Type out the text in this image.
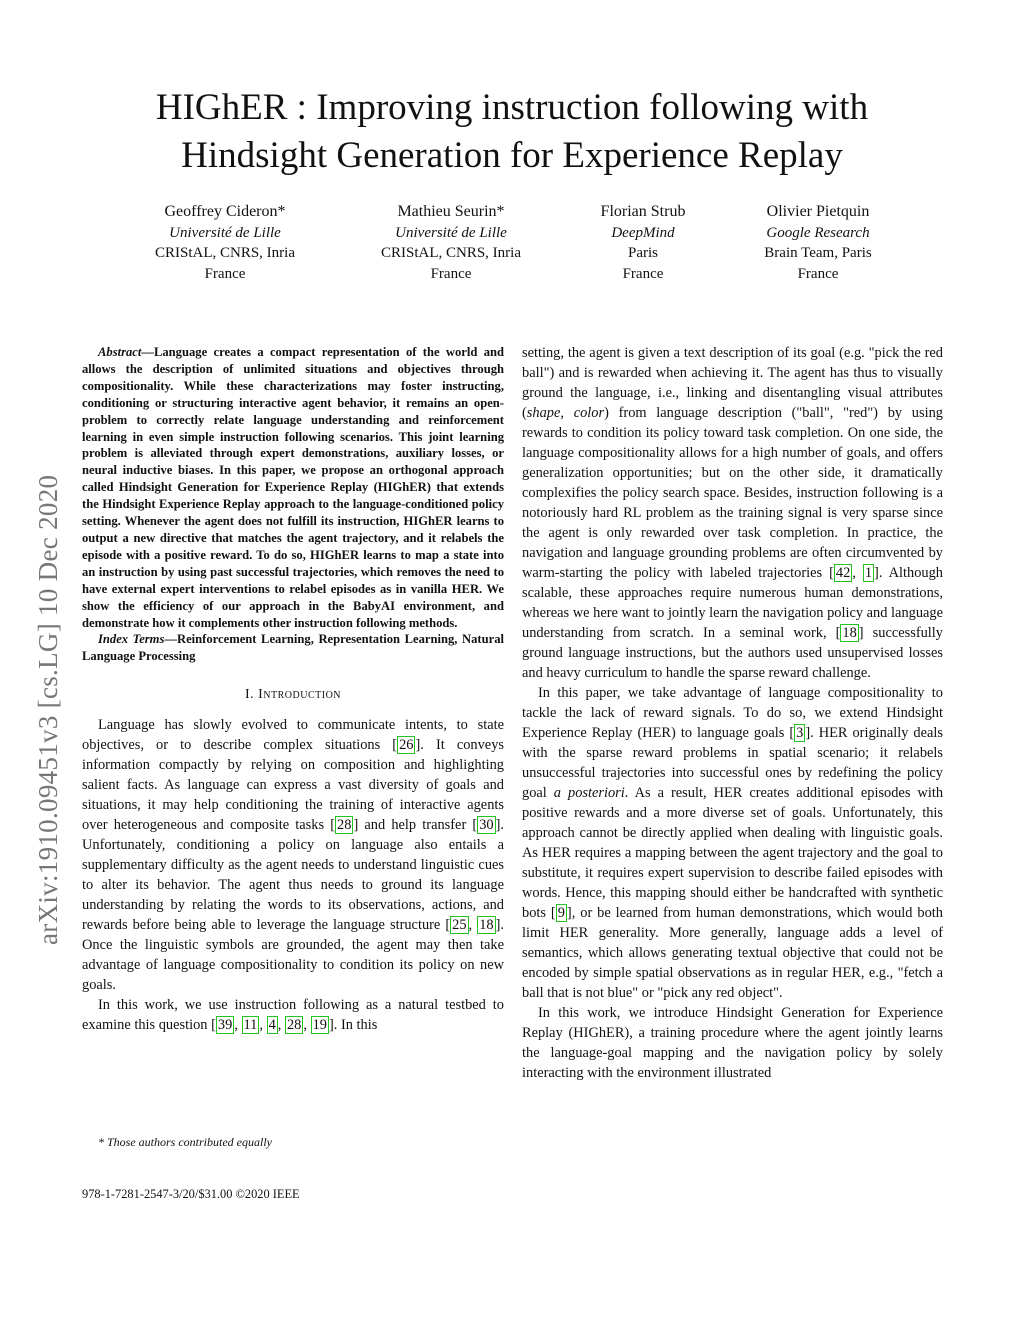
HIGhER : Improving instruction following with
Hindsight Generation for Experience Replay
Geoffrey Cideron*
Université de Lille
CRIStAL, CNRS, Inria
France
Mathieu Seurin*
Université de Lille
CRIStAL, CNRS, Inria
France
Florian Strub
DeepMind
Paris
France
Olivier Pietquin
Google Research
Brain Team, Paris
France
arXiv:1910.09451v3 [cs.LG] 10 Dec 2020

Abstract—Language creates a compact representation of the world and allows the description of unlimited situations and objectives through compositionality. While these characterizations may foster instructing, conditioning or structuring interactive agent behavior, it remains an open-problem to correctly relate language understanding and reinforcement learning in even simple instruction following scenarios. This joint learning problem is alleviated through expert demonstrations, auxiliary losses, or neural inductive biases. In this paper, we propose an orthogonal approach called Hindsight Generation for Experience Replay (HIGhER) that extends the Hindsight Experience Replay approach to the language-conditioned policy setting. Whenever the agent does not fulfill its instruction, HIGhER learns to output a new directive that matches the agent trajectory, and it relabels the episode with a positive reward. To do so, HIGhER learns to map a state into an instruction by using past successful trajectories, which removes the need to have external expert interventions to relabel episodes as in vanilla HER. We show the efficiency of our approach in the BabyAI environment, and demonstrate how it complements other instruction following methods.

Index Terms—Reinforcement Learning, Representation Learning, Natural Language Processing

I. Introduction

Language has slowly evolved to communicate intents, to state objectives, or to describe complex situations [ 26 ]. It conveys information compactly by relying on composition and highlighting salient facts. As language can express a vast diversity of goals and situations, it may help conditioning the training of interactive agents over heterogeneous and composite tasks [ 28 ] and help transfer [ 30 ]. Unfortunately, conditioning a policy on language also entails a supplementary difficulty as the agent needs to understand linguistic cues to alter its behavior. The agent thus needs to ground its language understanding by relating the words to its observations, actions, and rewards before being able to leverage the language structure [ 25 , 18 ]. Once the linguistic symbols are grounded, the agent may then take advantage of language compositionality to condition its policy on new goals.

In this work, we use instruction following as a natural testbed to examine this question [ 39 , 11 , 4 , 28 , 19 ]. In this

setting, the agent is given a text description of its goal (e.g. "pick the red ball") and is rewarded when achieving it. The agent has thus to visually ground the language, i.e., linking and disentangling visual attributes (shape, color) from language description ("ball", "red") by using rewards to condition its policy toward task completion. On one side, the language compositionality allows for a high number of goals, and offers generalization opportunities; but on the other side, it dramatically complexifies the policy search space. Besides, instruction following is a notoriously hard RL problem as the training signal is very sparse since the agent is only rewarded over task completion. In practice, the navigation and language grounding problems are often circumvented by warm-starting the policy with labeled trajectories [ 42 , 1 ]. Although scalable, these approaches require numerous human demonstrations, whereas we here want to jointly learn the navigation policy and language understanding from scratch. In a seminal work, [ 18 ] successfully ground language instructions, but the authors used unsupervised losses and heavy curriculum to handle the sparse reward challenge.

In this paper, we take advantage of language compositionality to tackle the lack of reward signals. To do so, we extend Hindsight Experience Replay (HER) to language goals [ 3 ]. HER originally deals with the sparse reward problems in spatial scenario; it relabels unsuccessful trajectories into successful ones by redefining the policy goal a posteriori. As a result, HER creates additional episodes with positive rewards and a more diverse set of goals. Unfortunately, this approach cannot be directly applied when dealing with linguistic goals. As HER requires a mapping between the agent trajectory and the goal to substitute, it requires expert supervision to describe failed episodes with words. Hence, this mapping should either be handcrafted with synthetic bots [ 9 ], or be learned from human demonstrations, which would both limit HER generality. More generally, language adds a level of semantics, which allows generating textual objective that could not be encoded by simple spatial observations as in regular HER, e.g., "fetch a ball that is not blue" or "pick any red object".

In this work, we introduce Hindsight Generation for Experience Replay (HIGhER), a training procedure where the agent jointly learns the language-goal mapping and the navigation policy by solely interacting with the environment illustrated

* Those authors contributed equally
978-1-7281-2547-3/20/$31.00 ©2020 IEEE
